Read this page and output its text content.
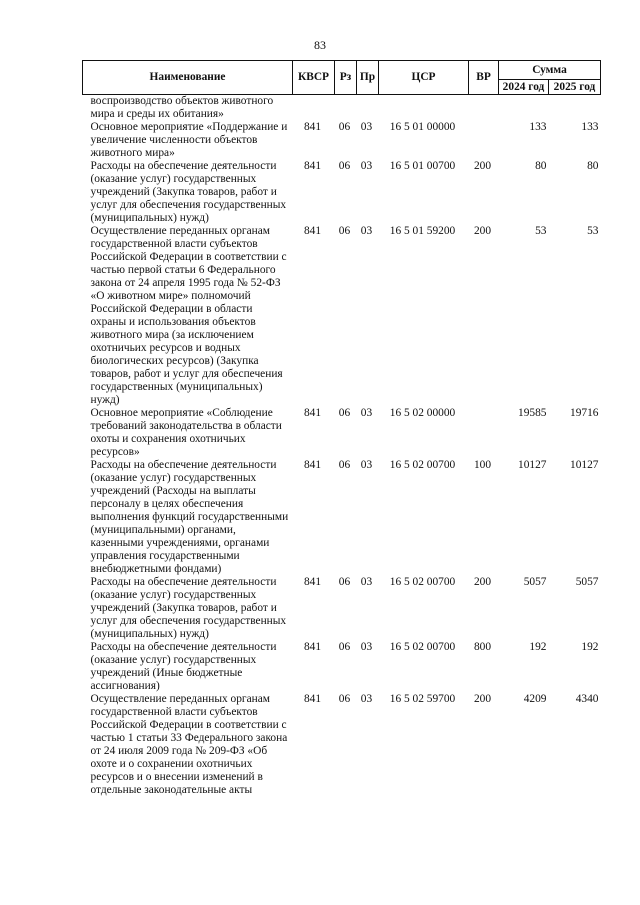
83
Наименование	КВСР	Рз	Пр	ЦСР	ВР	Сумма	
						2024 год	2025 год
воспроизводство объектов животного мира и среды их обитания»							
Основное мероприятие «Поддержание и увеличение численности объектов животного мира»	841	06	03	16 5 01 00000		133	133
Расходы на обеспечение деятельности (оказание услуг) государственных учреждений (Закупка товаров, работ и услуг для обеспечения государственных (муниципальных) нужд)	841	06	03	16 5 01 00700	200	80	80
Осуществление переданных органам государственной власти субъектов Российской Федерации в соответствии с частью первой статьи 6 Федерального закона от 24 апреля 1995 года № 52-ФЗ «О животном мире» полномочий Российской Федерации в области охраны и использования объектов животного мира (за исключением охотничьих ресурсов и водных биологических ресурсов) (Закупка товаров, работ и услуг для обеспечения государственных (муниципальных) нужд)	841	06	03	16 5 01 59200	200	53	53
Основное мероприятие «Соблюдение требований законодательства в области охоты и сохранения охотничьих ресурсов»	841	06	03	16 5 02 00000		19585	19716
Расходы на обеспечение деятельности (оказание услуг) государственных учреждений (Расходы на выплаты персоналу в целях обеспечения выполнения функций государственными (муниципальными) органами, казенными учреждениями, органами управления государственными внебюджетными фондами)	841	06	03	16 5 02 00700	100	10127	10127
Расходы на обеспечение деятельности (оказание услуг) государственных учреждений (Закупка товаров, работ и услуг для обеспечения государственных (муниципальных) нужд)	841	06	03	16 5 02 00700	200	5057	5057
Расходы на обеспечение деятельности (оказание услуг) государственных учреждений (Иные бюджетные ассигнования)	841	06	03	16 5 02 00700	800	192	192
Осуществление переданных органам государственной власти субъектов Российской Федерации в соответствии с частью 1 статьи 33 Федерального закона от 24 июля 2009 года № 209-ФЗ «Об охоте и о сохранении охотничьих ресурсов и о внесении изменений в отдельные законодательные акты	841	06	03	16 5 02 59700	200	4209	4340
